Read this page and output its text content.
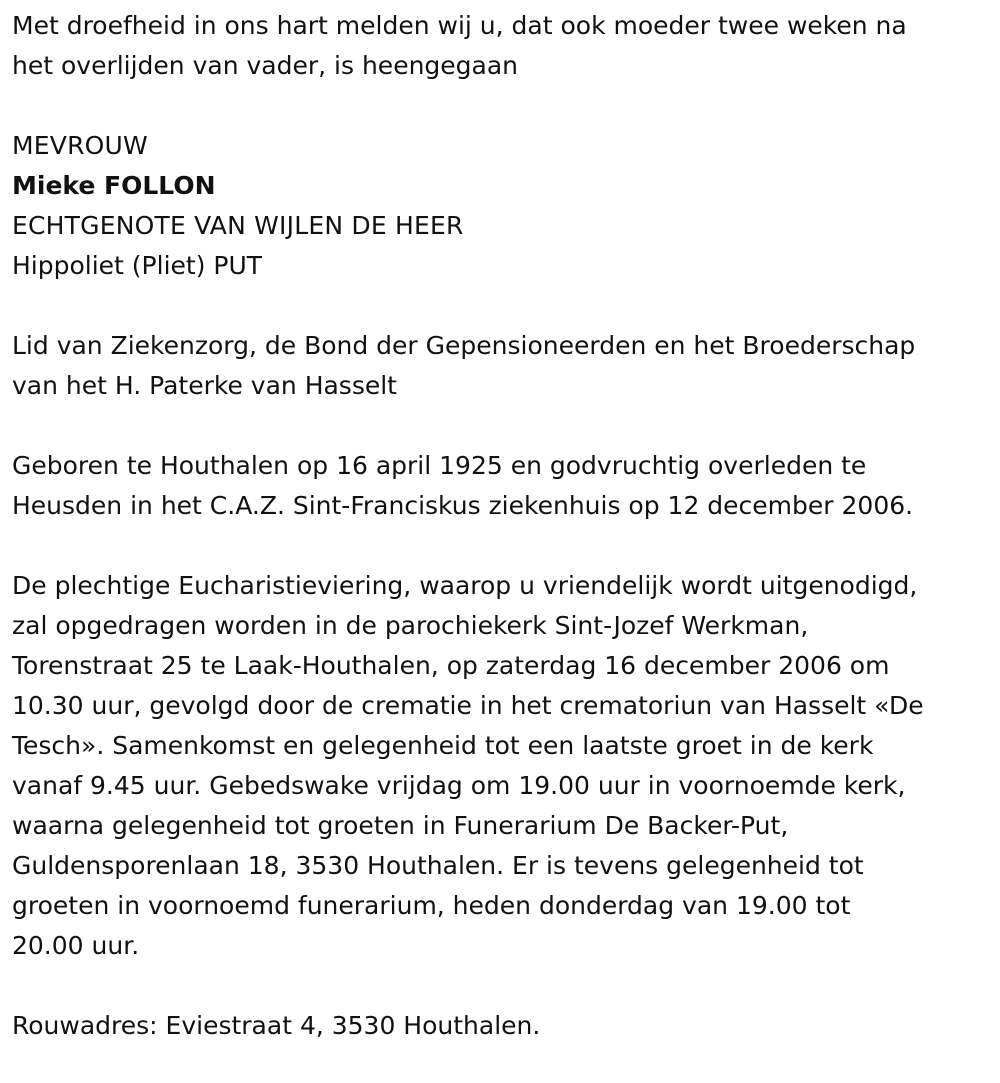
Met droefheid in ons hart melden wij u, dat ook moeder twee weken na
het overlijden van vader, is heengegaan

MEVROUW

Mieke FOLLON

ECHTGENOTE VAN WIJLEN DE HEER

Hippoliet (Pliet) PUT

Lid van Ziekenzorg, de Bond der Gepensioneerden en het Broederschap
van het H. Paterke van Hasselt

Geboren te Houthalen op 16 april 1925 en godvruchtig overleden te
Heusden in het C.A.Z. Sint-Franciskus ziekenhuis op 12 december 2006.

De plechtige Eucharistieviering, waarop u vriendelijk wordt uitgenodigd,
zal opgedragen worden in de parochiekerk Sint-Jozef Werkman,
Torenstraat 25 te Laak-Houthalen, op zaterdag 16 december 2006 om
10.30 uur, gevolgd door de crematie in het crematoriun van Hasselt «De
Tesch». Samenkomst en gelegenheid tot een laatste groet in de kerk
vanaf 9.45 uur. Gebedswake vrijdag om 19.00 uur in voornoemde kerk,
waarna gelegenheid tot groeten in Funerarium De Backer-Put,
Guldensporenlaan 18, 3530 Houthalen. Er is tevens gelegenheid tot
groeten in voornoemd funerarium, heden donderdag van 19.00 tot
20.00 uur.

Rouwadres: Eviestraat 4, 3530 Houthalen.
